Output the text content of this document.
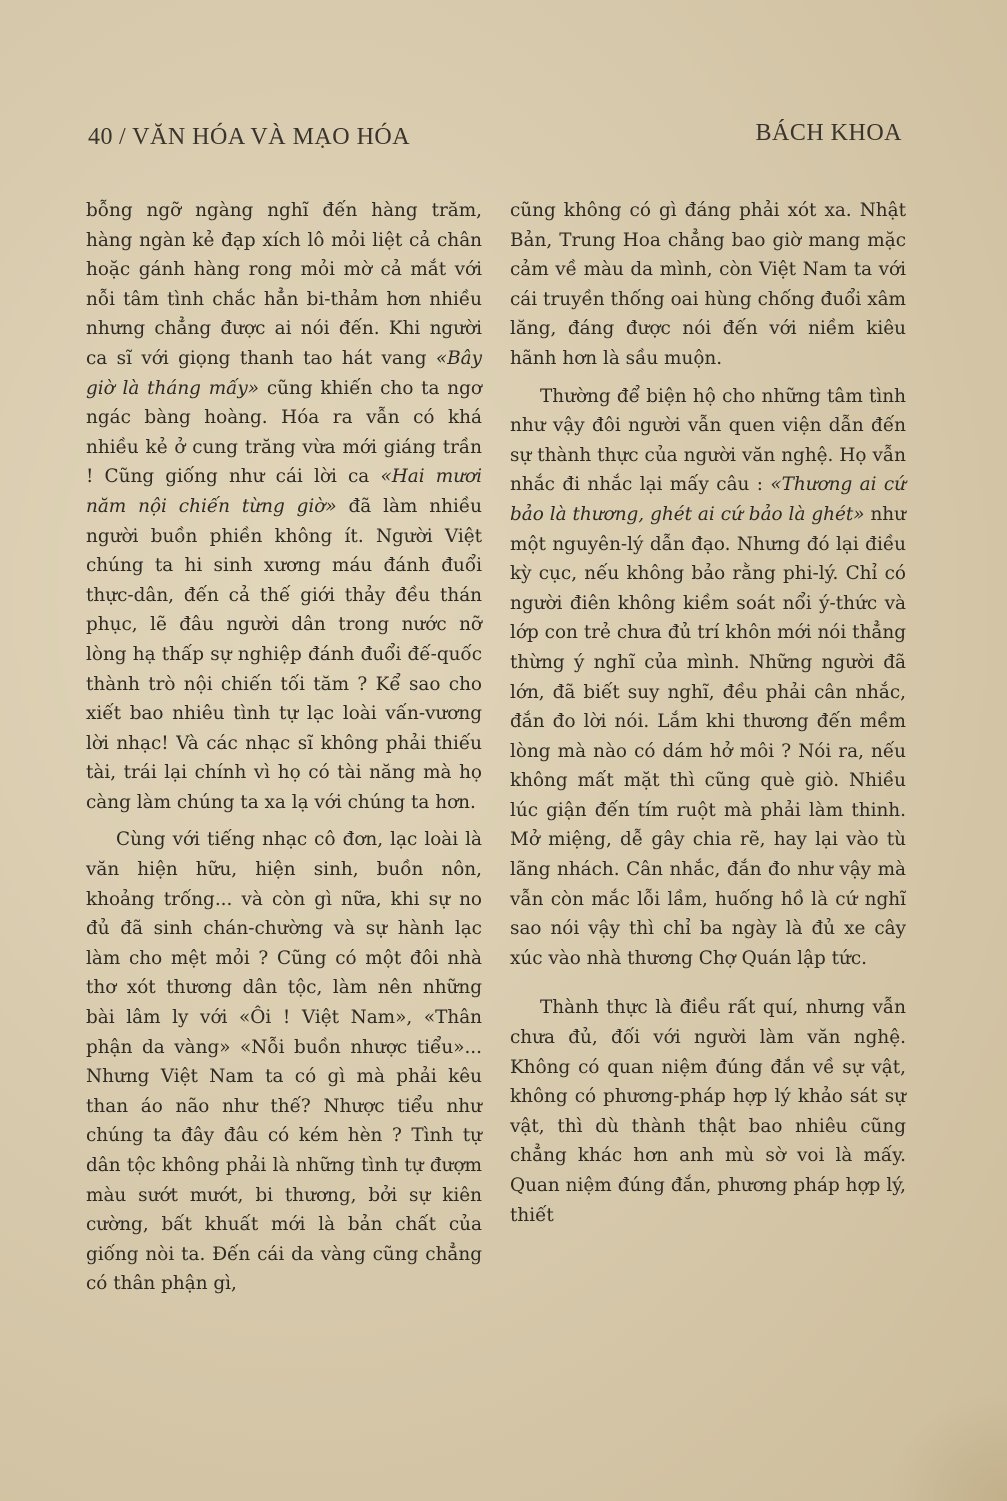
40 / VĂN HÓA VÀ MẠO HÓA	BÁCH KHOA

bỗng ngỡ ngàng nghĩ đến hàng trăm, hàng ngàn kẻ đạp xích lô mỏi liệt cả chân hoặc gánh hàng rong mỏi mờ cả mắt với nỗi tâm tình chắc hẳn bi-thảm hơn nhiều nhưng chẳng được ai nói đến. Khi người ca sĩ với giọng thanh tao hát vang «Bây giờ là tháng mấy» cũng khiến cho ta ngơ ngác bàng hoàng. Hóa ra vẫn có khá nhiều kẻ ở cung trăng vừa mới giáng trần ! Cũng giống như cái lời ca «Hai mươi năm nội chiến từng giờ» đã làm nhiều người buồn phiền không ít. Người Việt chúng ta hi sinh xương máu đánh đuổi thực-dân, đến cả thế giới thảy đều thán phục, lẽ đâu người dân trong nước nỡ lòng hạ thấp sự nghiệp đánh đuổi đế-quốc thành trò nội chiến tối tăm ? Kể sao cho xiết bao nhiêu tình tự lạc loài vấn-vương lời nhạc! Và các nhạc sĩ không phải thiếu tài, trái lại chính vì họ có tài năng mà họ càng làm chúng ta xa lạ với chúng ta hơn.

Cùng với tiếng nhạc cô đơn, lạc loài là văn hiện hữu, hiện sinh, buồn nôn, khoảng trống... và còn gì nữa, khi sự no đủ đã sinh chán-chường và sự hành lạc làm cho mệt mỏi ? Cũng có một đôi nhà thơ xót thương dân tộc, làm nên những bài lâm ly với «Ôi ! Việt Nam», «Thân phận da vàng» «Nỗi buồn nhược tiểu»... Nhưng Việt Nam ta có gì mà phải kêu than áo não như thế? Nhược tiểu như chúng ta đây đâu có kém hèn ? Tình tự dân tộc không phải là những tình tự đượm màu sướt mướt, bi thương, bởi sự kiên cường, bất khuất mới là bản chất của giống nòi ta. Đến cái da vàng cũng chẳng có thân phận gì,

cũng không có gì đáng phải xót xa. Nhật Bản, Trung Hoa chẳng bao giờ mang mặc cảm về màu da mình, còn Việt Nam ta với cái truyền thống oai hùng chống đuổi xâm lăng, đáng được nói đến với niềm kiêu hãnh hơn là sầu muộn.

Thường để biện hộ cho những tâm tình như vậy đôi người vẫn quen viện dẫn đến sự thành thực của người văn nghệ. Họ vẫn nhắc đi nhắc lại mấy câu : «Thương ai cứ bảo là thương, ghét ai cứ bảo là ghét» như một nguyên-lý dẫn đạo. Nhưng đó lại điều kỳ cục, nếu không bảo rằng phi-lý. Chỉ có người điên không kiềm soát nổi ý-thức và lớp con trẻ chưa đủ trí khôn mới nói thẳng thừng ý nghĩ của mình. Những người đã lớn, đã biết suy nghĩ, đều phải cân nhắc, đắn đo lời nói. Lắm khi thương đến mềm lòng mà nào có dám hở môi ? Nói ra, nếu không mất mặt thì cũng què giò. Nhiều lúc giận đến tím ruột mà phải làm thinh. Mở miệng, dễ gây chia rẽ, hay lại vào tù lãng nhách. Cân nhắc, đắn đo như vậy mà vẫn còn mắc lỗi lầm, huống hồ là cứ nghĩ sao nói vậy thì chỉ ba ngày là đủ xe cây xúc vào nhà thương Chợ Quán lập tức.

Thành thực là điều rất quí, nhưng vẫn chưa đủ, đối với người làm văn nghệ. Không có quan niệm đúng đắn về sự vật, không có phương-pháp hợp lý khảo sát sự vật, thì dù thành thật bao nhiêu cũng chẳng khác hơn anh mù sờ voi là mấy. Quan niệm đúng đắn, phương pháp hợp lý, thiết
